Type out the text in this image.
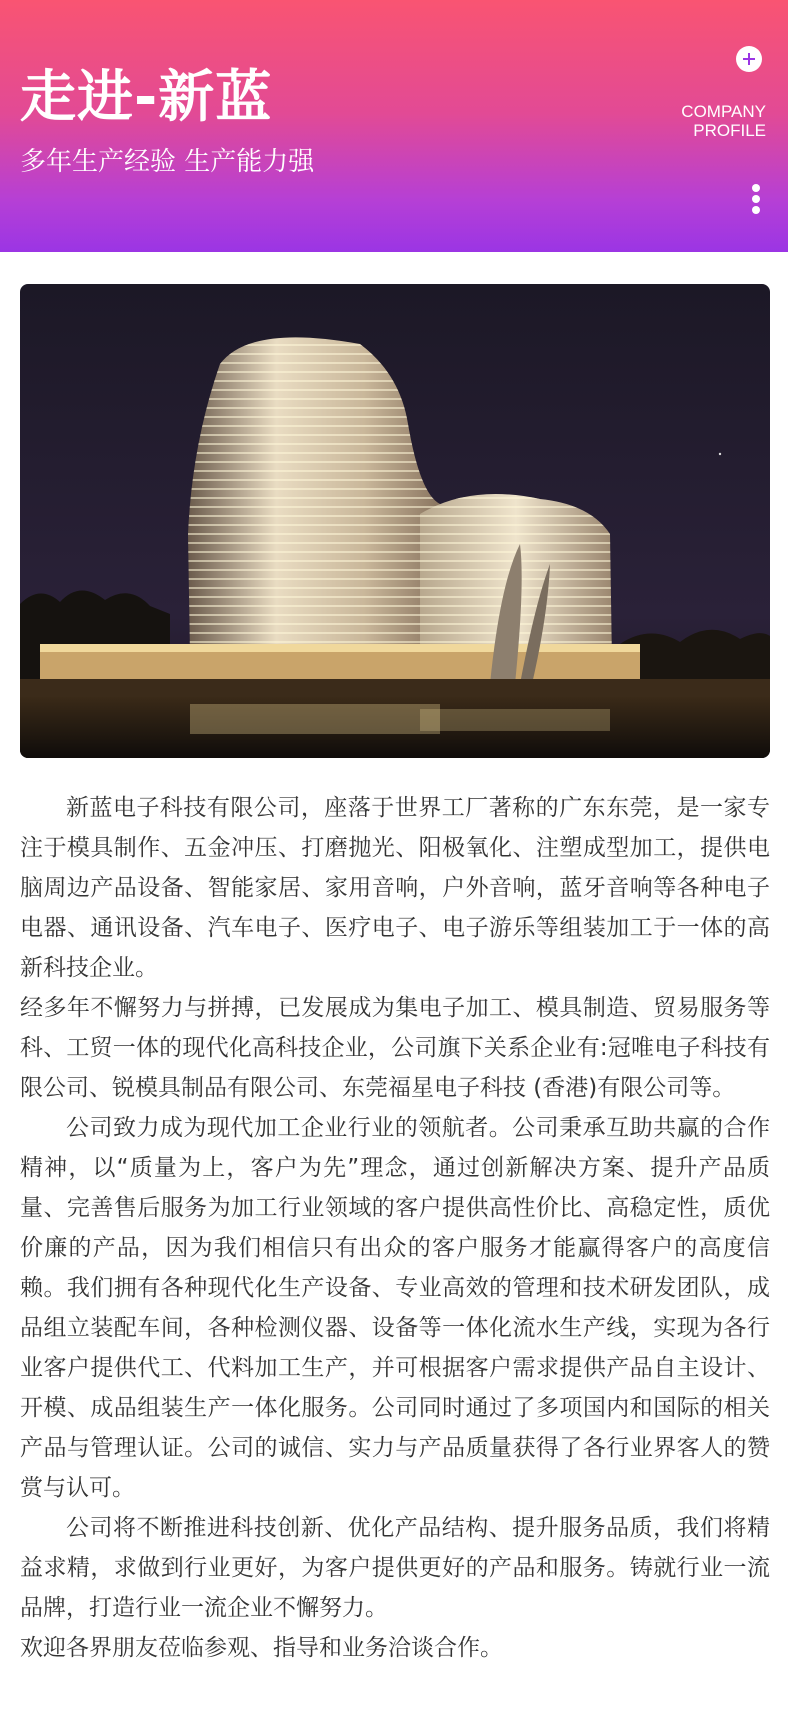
走进-新蓝
多年生产经验 生产能力强
COMPANY
PROFILE

新蓝电子科技有限公司，座落于世界工厂著称的广东东莞，是一家专注于模具制作、五金冲压、打磨抛光、阳极氧化、注塑成型加工，提供电脑周边产品设备、智能家居、家用音响，户外音响，蓝牙音响等各种电子电器、通讯设备、汽车电子、医疗电子、电子游乐等组装加工于一体的高新科技企业。

经多年不懈努力与拼搏，已发展成为集电子加工、模具制造、贸易服务等科、工贸一体的现代化高科技企业，公司旗下关系企业有:冠唯电子科技有限公司、锐模具制品有限公司、东莞福星电子科技 (香港)有限公司等。

公司致力成为现代加工企业行业的领航者。公司秉承互助共赢的合作精神，以“质量为上，客户为先”理念，通过创新解决方案、提升产品质量、完善售后服务为加工行业领域的客户提供高性价比、高稳定性，质优价廉的产品，因为我们相信只有出众的客户服务才能赢得客户的高度信赖。我们拥有各种现代化生产设备、专业高效的管理和技术研发团队，成品组立装配车间，各种检测仪器、设备等一体化流水生产线，实现为各行业客户提供代工、代料加工生产，并可根据客户需求提供产品自主设计、开模、成品组装生产一体化服务。公司同时通过了多项国内和国际的相关产品与管理认证。公司的诚信、实力与产品质量获得了各行业界客人的赞赏与认可。

公司将不断推进科技创新、优化产品结构、提升服务品质，我们将精益求精，求做到行业更好，为客户提供更好的产品和服务。铸就行业一流品牌，打造行业一流企业不懈努力。

欢迎各界朋友莅临参观、指导和业务洽谈合作。
